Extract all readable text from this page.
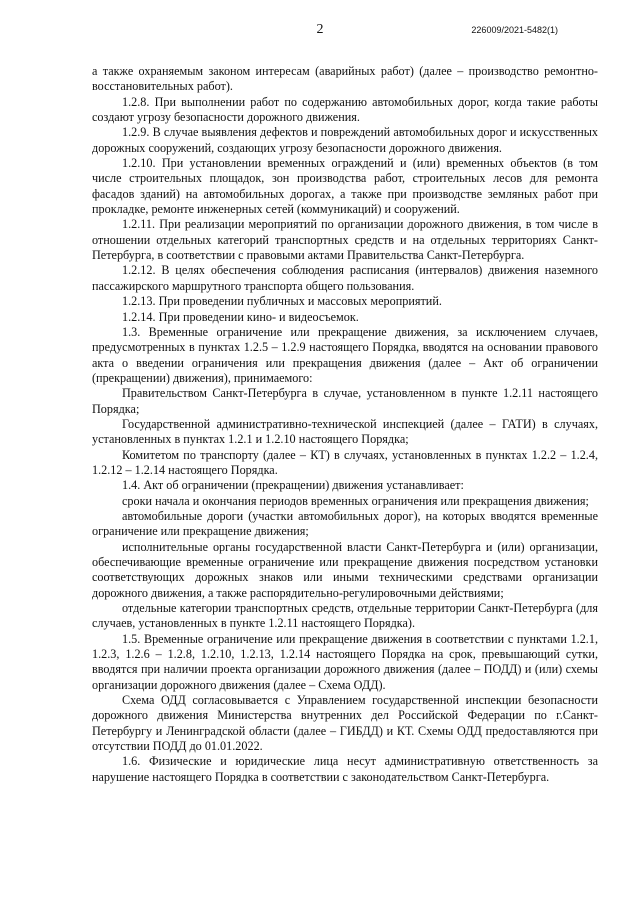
2	226009/2021-5482(1)

а также охраняемым законом интересам (аварийных работ) (далее – производство ремонтно-восстановительных работ).

1.2.8. При выполнении работ по содержанию автомобильных дорог, когда такие работы создают угрозу безопасности дорожного движения.

1.2.9. В случае выявления дефектов и повреждений автомобильных дорог и искусственных дорожных сооружений, создающих угрозу безопасности дорожного движения.

1.2.10. При установлении временных ограждений и (или) временных объектов (в том числе строительных площадок, зон производства работ, строительных лесов для ремонта фасадов зданий) на автомобильных дорогах, а также при производстве земляных работ при прокладке, ремонте инженерных сетей (коммуникаций) и сооружений.

1.2.11. При реализации мероприятий по организации дорожного движения, в том числе в отношении отдельных категорий транспортных средств и на отдельных территориях Санкт-Петербурга, в соответствии с правовыми актами Правительства Санкт-Петербурга.

1.2.12. В целях обеспечения соблюдения расписания (интервалов) движения наземного пассажирского маршрутного транспорта общего пользования.

1.2.13. При проведении публичных и массовых мероприятий.

1.2.14. При проведении кино- и видеосъемок.

1.3. Временные ограничение или прекращение движения, за исключением случаев, предусмотренных в пунктах 1.2.5 – 1.2.9 настоящего Порядка, вводятся на основании правового акта о введении ограничения или прекращения движения (далее – Акт об ограничении (прекращении) движения), принимаемого:

Правительством Санкт-Петербурга в случае, установленном в пункте 1.2.11 настоящего Порядка;

Государственной административно-технической инспекцией (далее – ГАТИ) в случаях, установленных в пунктах 1.2.1 и 1.2.10 настоящего Порядка;

Комитетом по транспорту (далее – КТ) в случаях, установленных в пунктах 1.2.2 – 1.2.4, 1.2.12 – 1.2.14 настоящего Порядка.

1.4. Акт об ограничении (прекращении) движения устанавливает:

сроки начала и окончания периодов временных ограничения или прекращения движения;

автомобильные дороги (участки автомобильных дорог), на которых вводятся временные ограничение или прекращение движения;

исполнительные органы государственной власти Санкт-Петербурга и (или) организации, обеспечивающие временные ограничение или прекращение движения посредством установки соответствующих дорожных знаков или иными техническими средствами организации дорожного движения, а также распорядительно-регулировочными действиями;

отдельные категории транспортных средств, отдельные территории Санкт-Петербурга (для случаев, установленных в пункте 1.2.11 настоящего Порядка).

1.5. Временные ограничение или прекращение движения в соответствии с пунктами 1.2.1, 1.2.3, 1.2.6 – 1.2.8, 1.2.10, 1.2.13, 1.2.14 настоящего Порядка на срок, превышающий сутки, вводятся при наличии проекта организации дорожного движения (далее – ПОДД) и (или) схемы организации дорожного движения (далее – Схема ОДД).

Схема ОДД согласовывается с Управлением государственной инспекции безопасности дорожного движения Министерства внутренних дел Российской Федерации по г.Санкт-Петербургу и Ленинградской области (далее – ГИБДД) и КТ. Схемы ОДД предоставляются при отсутствии ПОДД до 01.01.2022.

1.6. Физические и юридические лица несут административную ответственность за нарушение настоящего Порядка в соответствии с законодательством Санкт-Петербурга.
